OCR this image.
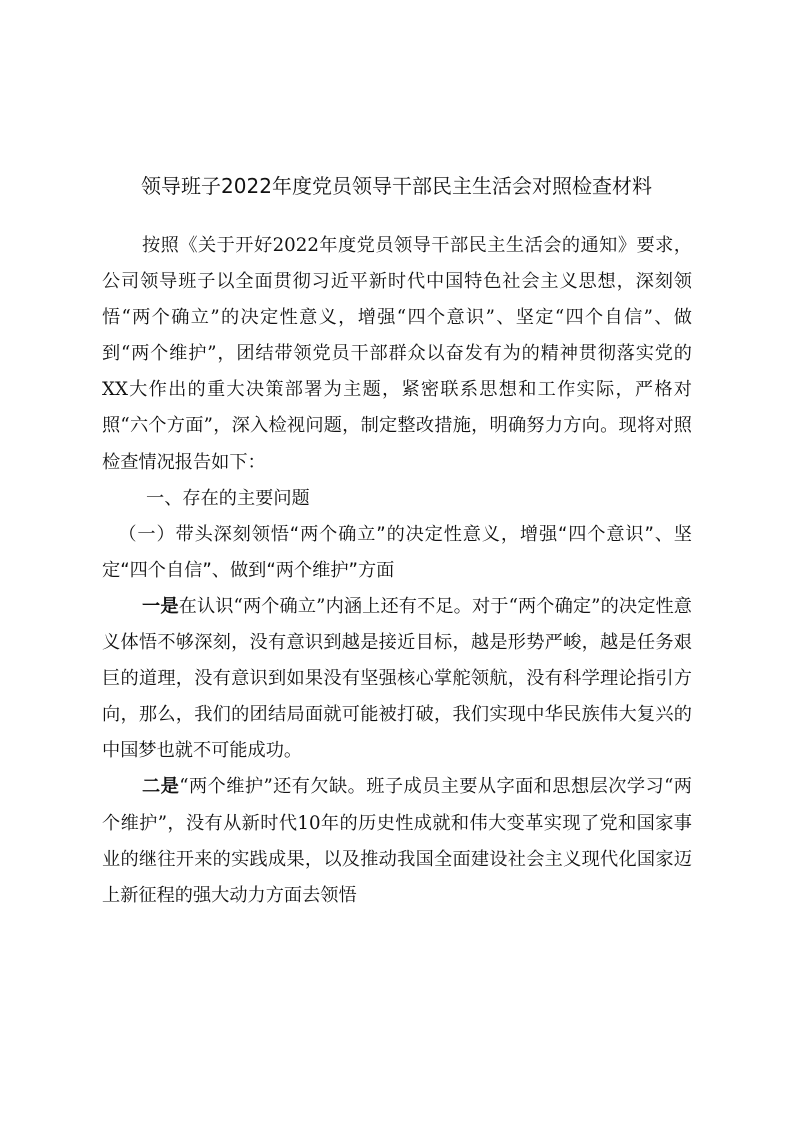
领导班子2022年度党员领导干部民主生活会对照检查材料

按照《关于开好2022年度党员领导干部民主生活会的通知》要求，公司领导班子以全面贯彻习近平新时代中国特色社会主义思想，深刻领悟“两个确立”的决定性意义，增强“四个意识”、坚定“四个自信”、做到“两个维护”，团结带领党员干部群众以奋发有为的精神贯彻落实党的XX大作出的重大决策部署为主题，紧密联系思想和工作实际，严格对照“六个方面”，深入检视问题，制定整改措施，明确努力方向。现将对照检查情况报告如下：

一、存在的主要问题

（一）带头深刻领悟“两个确立”的决定性意义，增强“四个意识”、坚定“四个自信”、做到“两个维护”方面

一是在认识“两个确立”内涵上还有不足。对于“两个确定”的决定性意义体悟不够深刻，没有意识到越是接近目标，越是形势严峻，越是任务艰巨的道理，没有意识到如果没有坚强核心掌舵领航，没有科学理论指引方向，那么，我们的团结局面就可能被打破，我们实现中华民族伟大复兴的中国梦也就不可能成功。

二是“两个维护”还有欠缺。班子成员主要从字面和思想层次学习“两个维护”，没有从新时代10年的历史性成就和伟大变革实现了党和国家事业的继往开来的实践成果，以及推动我国全面建设社会主义现代化国家迈上新征程的强大动力方面去领悟
